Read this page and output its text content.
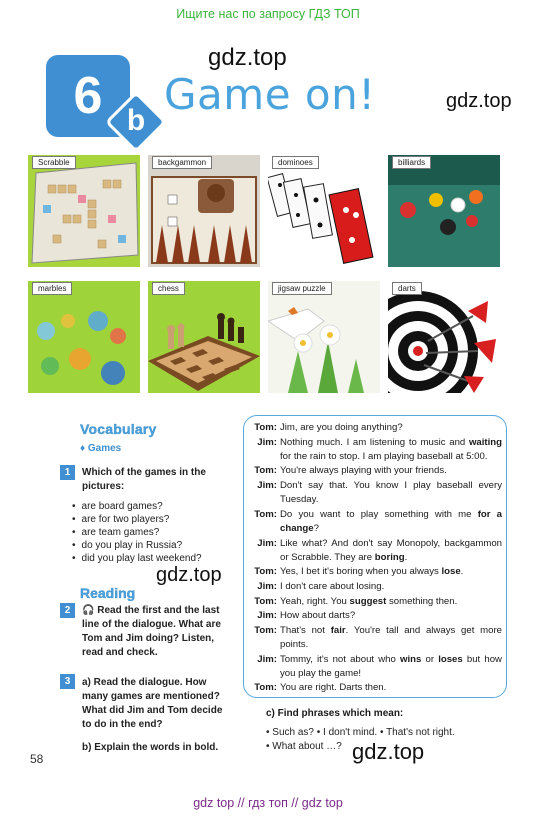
Ищите нас по запросу ГДЗ ТОП
6 b
Game on!
gdz.top
gdz.top
Scrabble	backgammon	dominoes	billiards
marbles	chess	jigsaw puzzle	darts
Vocabulary
♦ Games
1	Which of the games in the
pictures:
• are board games?
• are for two players?
• are team games?
• do you play in Russia?
• did you play last weekend?
gdz.top
Reading
2	🎧 Read the first and the last
line of the dialogue. What are
Tom and Jim doing? Listen,
read and check.
3	a) Read the dialogue. How
many games are mentioned?
What did Jim and Tom decide
to do in the end?
b) Explain the words in bold.
Tom: Jim, are you doing anything?
Jim: Nothing much. I am listening to music and waiting for the rain to stop. I am playing baseball at 5:00.
Tom: You're always playing with your friends.
Jim: Don't say that. You know I play baseball every Tuesday.
Tom: Do you want to play something with me for a change?
Jim: Like what? And don't say Monopoly, backgammon or Scrabble. They are boring.
Tom: Yes, I bet it's boring when you always lose.
Jim: I don't care about losing.
Tom: Yeah, right. You suggest something then.
Jim: How about darts?
Tom: That's not fair. You're tall and always get more points.
Jim: Tommy, it's not about who wins or loses but how you play the game!
Tom: You are right. Darts then.
c) Find phrases which mean:
• Such as? • I don't mind. • That's not right.
• What about …? gdz.top
58
gdz top // гдз топ // gdz top
